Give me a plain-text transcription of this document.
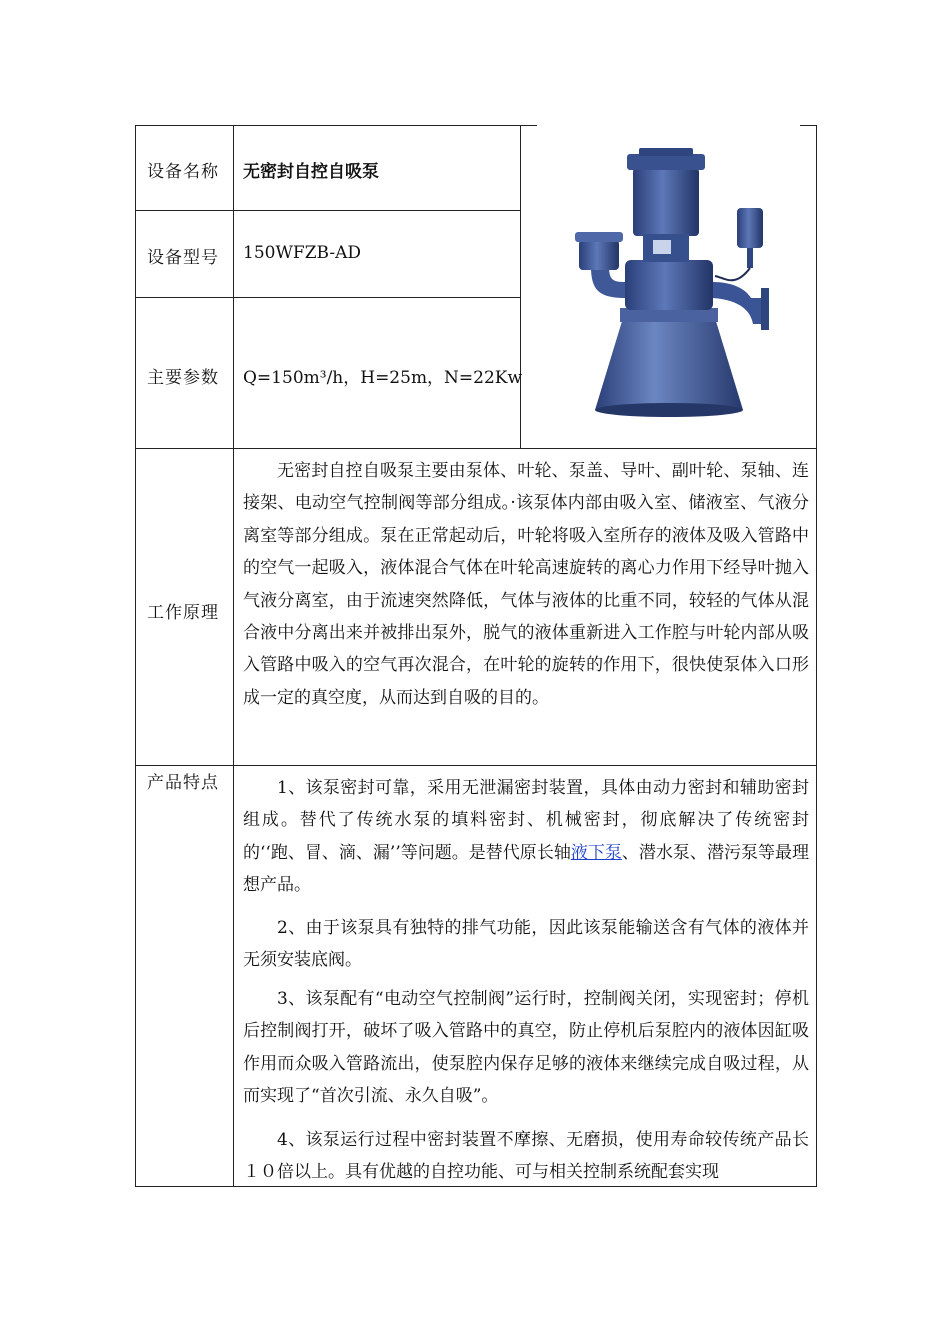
设备名称 无密封自控自吸泵
设备型号 150WFZB-AD
主要参数 Q=150m³/h，H=25m，N=22Kw
工作原理

无密封自控自吸泵主要由泵体、叶轮、泵盖、导叶、副叶轮、泵轴、连接架、电动空气控制阀等部分组成。·该泵体内部由吸入室、储液室、气液分离室等部分组成。泵在正常起动后，叶轮将吸入室所存的液体及吸入管路中的空气一起吸入，液体混合气体在叶轮高速旋转的离心力作用下经导叶抛入气液分离室，由于流速突然降低，气体与液体的比重不同，较轻的气体从混合液中分离出来并被排出泵外，脱气的液体重新进入工作腔与叶轮内部从吸入管路中吸入的空气再次混合，在叶轮的旋转的作用下，很快使泵体入口形成一定的真空度，从而达到自吸的目的。

产品特点	1、该泵密封可靠，采用无泄漏密封装置，具体由动力密封和辅助密封组成。替代了传统水泵的填料密封、机械密封，彻底解决了传统密封的‘‘跑、冒、滴、漏’’等问题。是替代原长轴液下泵、潜水泵、潜污泵等最理想产品。

2、由于该泵具有独特的排气功能，因此该泵能输送含有气体的液体并无须安装底阀。

3、该泵配有“电动空气控制阀”运行时，控制阀关闭，实现密封；停机后控制阀打开，破坏了吸入管路中的真空，防止停机后泵腔内的液体因缸吸作用而众吸入管路流出，使泵腔内保存足够的液体来继续完成自吸过程，从而实现了“首次引流、永久自吸”。

4、该泵运行过程中密封装置不摩擦、无磨损，使用寿命较传统产品长１０倍以上。具有优越的自控功能、可与相关控制系统配套实现
